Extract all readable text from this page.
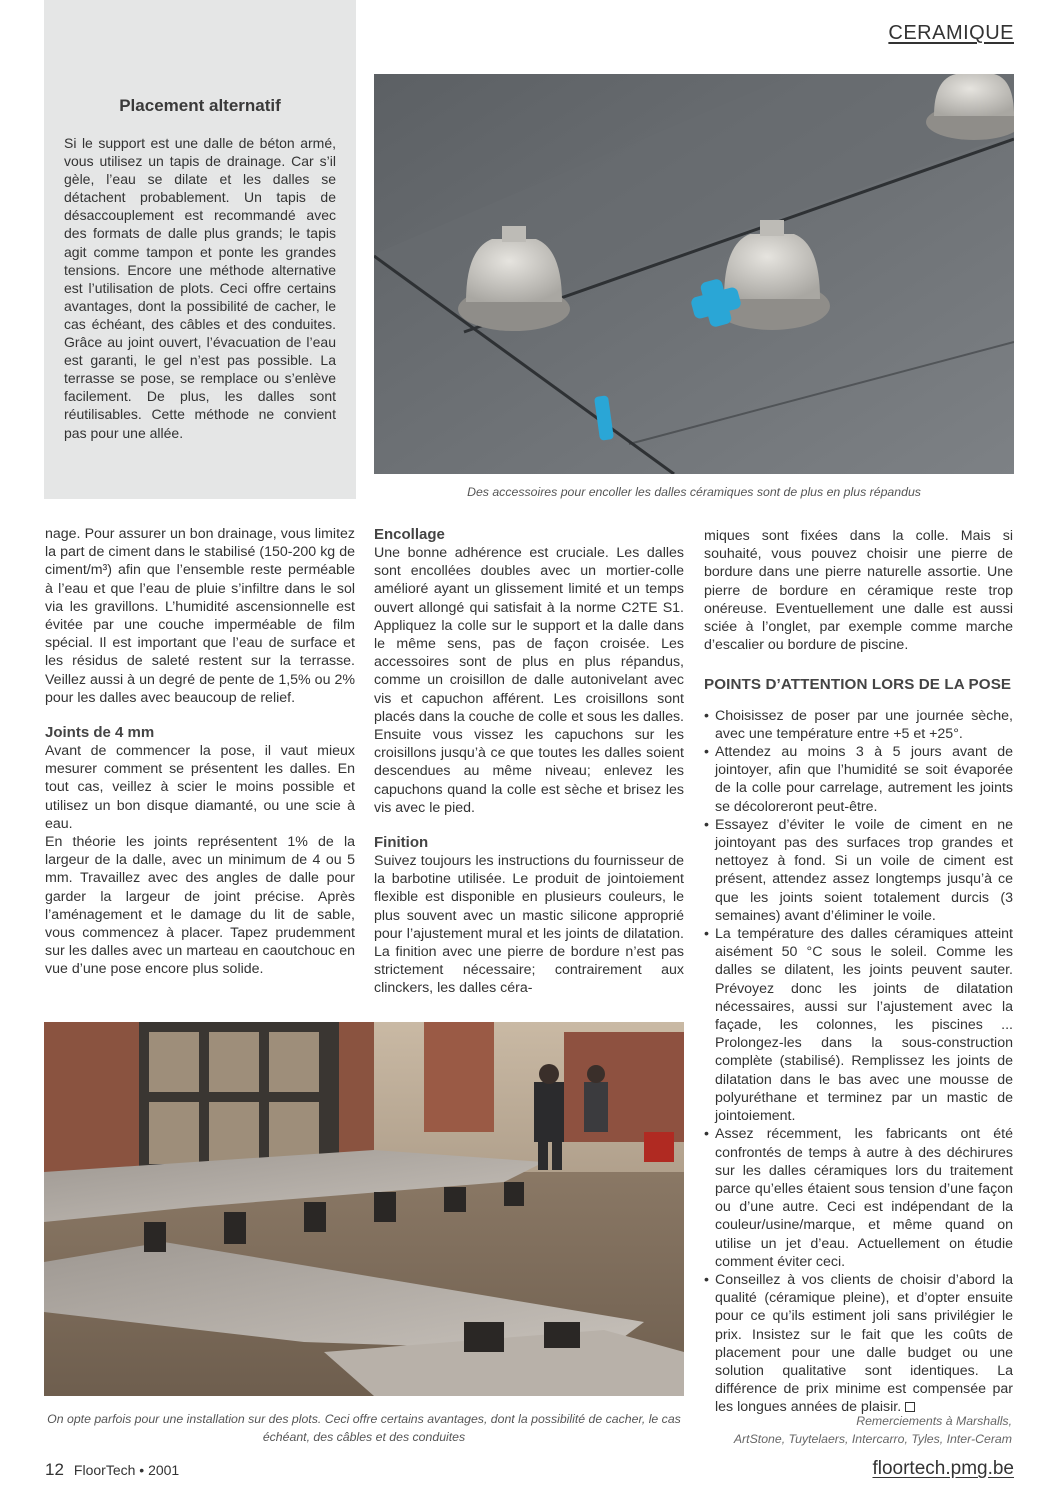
CERAMIQUE
Placement alternatif

Si le support est une dalle de béton armé, vous utilisez un tapis de drainage. Car s’il gèle, l’eau se dilate et les dalles se détachent probablement. Un tapis de désaccouplement est recommandé avec des formats de dalle plus grands; le tapis agit comme tampon et ponte les grandes tensions. Encore une méthode alternative est l’utilisation de plots. Ceci offre certains avantages, dont la possibilité de cacher, le cas échéant, des câbles et des conduites. Grâce au joint ouvert, l’évacuation de l’eau est garanti, le gel n’est pas possible. La terrasse se pose, se remplace ou s’enlève facilement. De plus, les dalles sont réutilisables. Cette méthode ne convient pas pour une allée.

Des accessoires pour encoller les dalles céramiques sont de plus en plus répandus

nage. Pour assurer un bon drainage, vous limitez la part de ciment dans le stabilisé (150-200 kg de ciment/m³) afin que l’ensemble reste perméable à l’eau et que l’eau de pluie s’infiltre dans le sol via les gravillons. L’humidité ascensionnelle est évitée par une couche imperméable de film spécial. Il est important que l’eau de surface et les résidus de saleté restent sur la terrasse. Veillez aussi à un degré de pente de 1,5% ou 2% pour les dalles avec beaucoup de relief.

Joints de 4 mm

Avant de commencer la pose, il vaut mieux mesurer comment se présentent les dalles. En tout cas, veillez à scier le moins possible et utilisez un bon disque diamanté, ou une scie à eau.

En théorie les joints représentent 1% de la largeur de la dalle, avec un minimum de 4 ou 5 mm. Travaillez avec des angles de dalle pour garder la largeur de joint précise. Après l’aménagement et le damage du lit de sable, vous commencez à placer. Tapez prudemment sur les dalles avec un marteau en caoutchouc en vue d’une pose encore plus solide.

Encollage

Une bonne adhérence est cruciale. Les dalles sont encollées doubles avec un mortier-colle amélioré ayant un glissement limité et un temps ouvert allongé qui satisfait à la norme C2TE S1. Appliquez la colle sur le support et la dalle dans le même sens, pas de façon croisée. Les accessoires sont de plus en plus répandus, comme un croisillon de dalle autonivelant avec vis et capuchon afférent. Les croisillons sont placés dans la couche de colle et sous les dalles. Ensuite vous vissez les capuchons sur les croisillons jusqu’à ce que toutes les dalles soient descendues au même niveau; enlevez les capuchons quand la colle est sèche et brisez les vis avec le pied.

Finition

Suivez toujours les instructions du fournisseur de la barbotine utilisée. Le produit de jointoiement flexible est disponible en plusieurs couleurs, le plus souvent avec un mastic silicone approprié pour l’ajustement mural et les joints de dilatation. La finition avec une pierre de bordure n’est pas strictement nécessaire; contrairement aux clinckers, les dalles céra-

miques sont fixées dans la colle. Mais si souhaité, vous pouvez choisir une pierre de bordure dans une pierre naturelle assortie. Une pierre de bordure en céramique reste trop onéreuse. Eventuellement une dalle est aussi sciée à l’onglet, par exemple comme marche d’escalier ou bordure de piscine.

POINTS D’ATTENTION LORS DE LA POSE
• Choisissez de poser par une journée sèche, avec une température entre +5 et +25°.
• Attendez au moins 3 à 5 jours avant de jointoyer, afin que l’humidité se soit évaporée de la colle pour carrelage, autrement les joints se décoloreront peut-être.
• Essayez d’éviter le voile de ciment en ne jointoyant pas des surfaces trop grandes et nettoyez à fond. Si un voile de ciment est présent, attendez assez longtemps jusqu’à ce que les joints soient totalement durcis (3 semaines) avant d’éliminer le voile.
• La température des dalles céramiques atteint aisément 50 °C sous le soleil. Comme les dalles se dilatent, les joints peuvent sauter. Prévoyez donc les joints de dilatation nécessaires, aussi sur l’ajustement avec la façade, les colonnes, les piscines ... Prolongez-les dans la sous-construction complète (stabilisé). Remplissez les joints de dilatation dans le bas avec une mousse de polyuréthane et terminez par un mastic de jointoiement.
• Assez récemment, les fabricants ont été confrontés de temps à autre à des déchirures sur les dalles céramiques lors du traitement parce qu’elles étaient sous tension d’une façon ou d’une autre. Ceci est indépendant de la couleur/usine/marque, et même quand on utilise un jet d’eau. Actuellement on étudie comment éviter ceci.
• Conseillez à vos clients de choisir d’abord la qualité (céramique pleine), et d’opter ensuite pour ce qu’ils estiment joli sans privilégier le prix. Insistez sur le fait que les coûts de placement pour une dalle budget ou une solution qualitative sont identiques. La différence de prix minime est compensée par les longues années de plaisir.
On opte parfois pour une installation sur des plots. Ceci offre certains avantages, dont la possibilité de cacher, le cas échéant, des câbles et des conduites
Remerciements à Marshalls,
ArtStone, Tuytelaers, Intercarro, Tyles, Inter-Ceram
12 FloorTech • 2001	floortech.pmg.be
